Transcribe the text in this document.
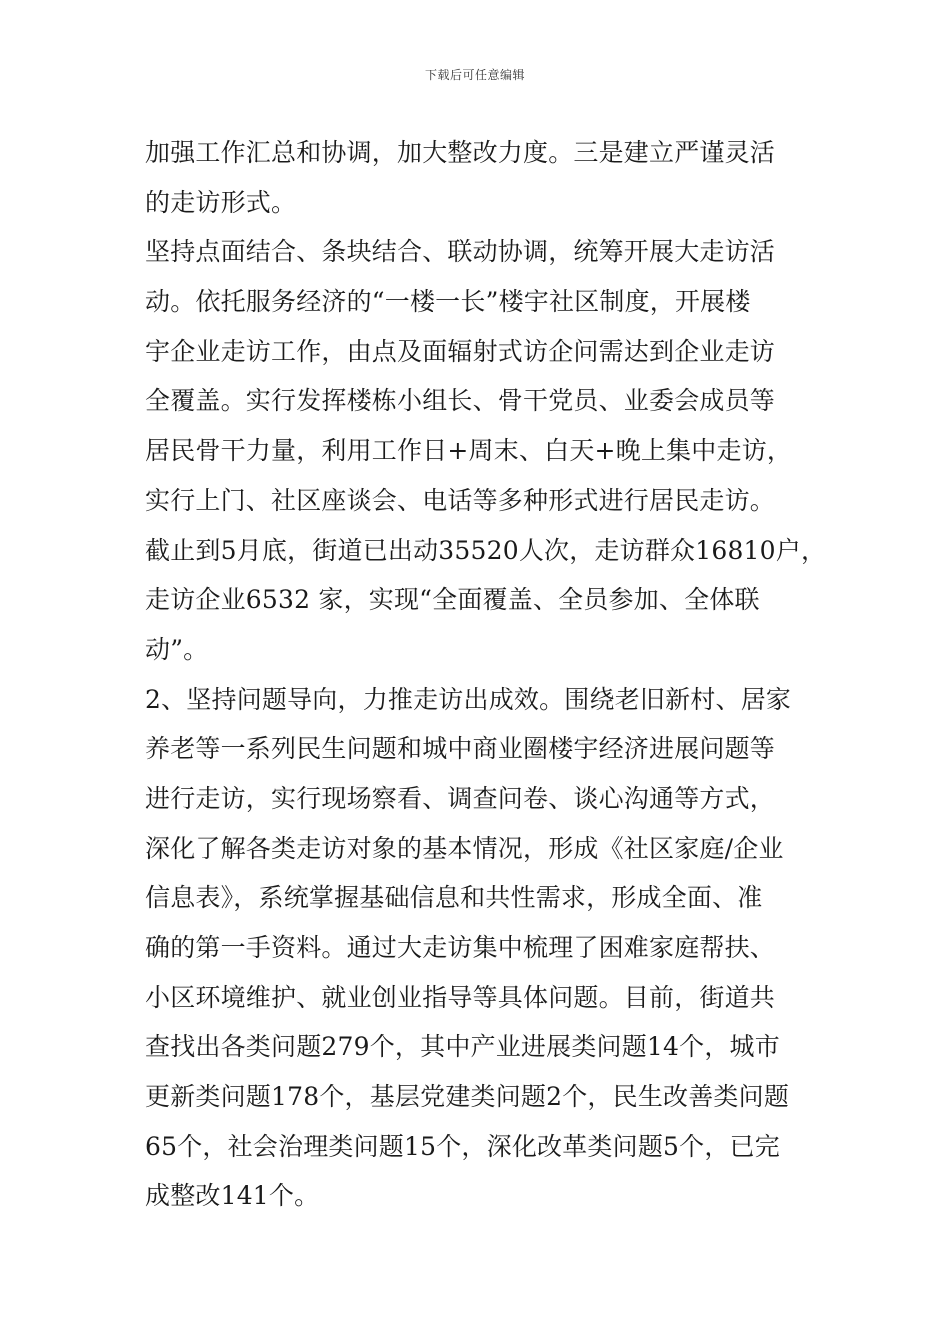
下载后可任意编辑
加强工作汇总和协调，加大整改力度。三是建立严谨灵活
的走访形式。
坚持点面结合、条块结合、联动协调，统筹开展大走访活
动。依托服务经济的“一楼一长”楼宇社区制度，开展楼
宇企业走访工作，由点及面辐射式访企问需达到企业走访
全覆盖。实行发挥楼栋小组长、骨干党员、业委会成员等
居民骨干力量，利用工作日+周末、白天+晚上集中走访，
实行上门、社区座谈会、电话等多种形式进行居民走访。
截止到5月底，街道已出动35520人次，走访群众16810户，
走访企业6532 家，实现“全面覆盖、全员参加、全体联
动”。
2、坚持问题导向，力推走访出成效。围绕老旧新村、居家
养老等一系列民生问题和城中商业圈楼宇经济进展问题等
进行走访，实行现场察看、调查问卷、谈心沟通等方式，
深化了解各类走访对象的基本情况，形成《社区家庭/企业
信息表》，系统掌握基础信息和共性需求，形成全面、准
确的第一手资料。通过大走访集中梳理了困难家庭帮扶、
小区环境维护、就业创业指导等具体问题。目前，街道共
查找出各类问题279个，其中产业进展类问题14个，城市
更新类问题178个，基层党建类问题2个，民生改善类问题
65个，社会治理类问题15个，深化改革类问题5个，已完
成整改141个。
